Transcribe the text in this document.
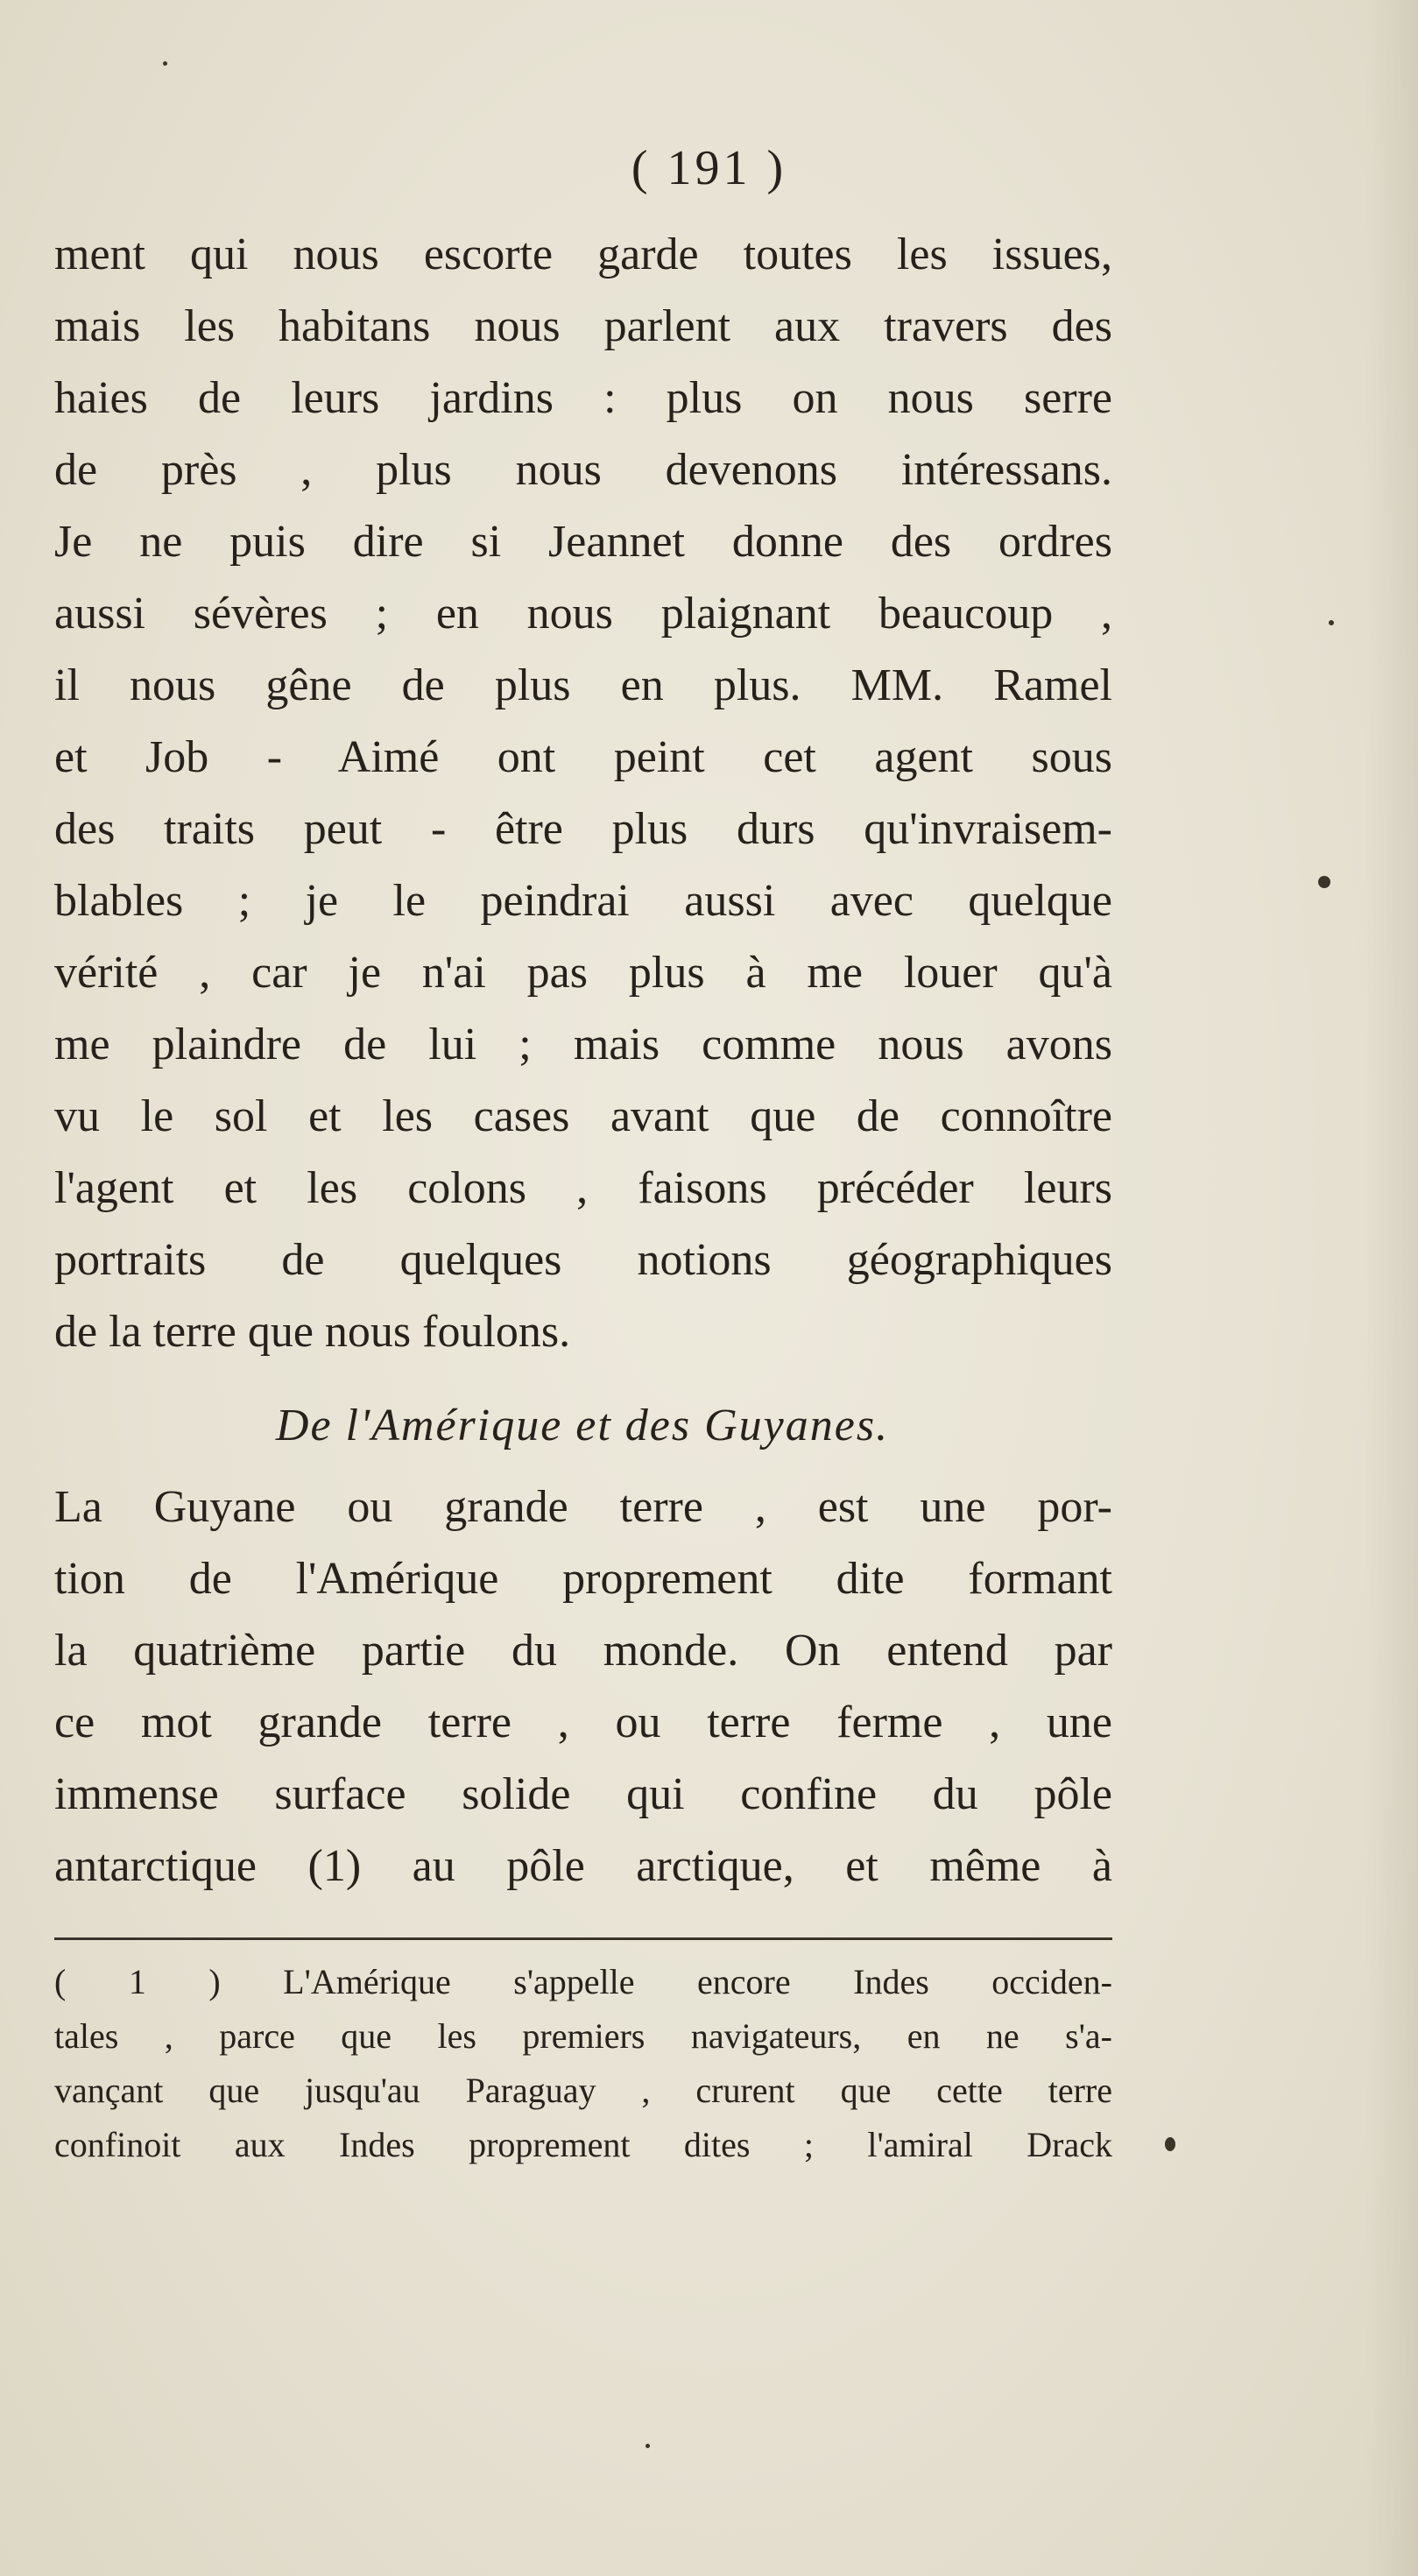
( 191 )
ment qui nous escorte garde toutes les issues,
mais les habitans nous parlent aux travers des
haies de leurs jardins : plus on nous serre
de près , plus nous devenons intéressans.
Je ne puis dire si Jeannet donne des ordres
aussi sévères ; en nous plaignant beaucoup ,
il nous gêne de plus en plus. MM. Ramel
et Job - Aimé ont peint cet agent sous
des traits peut - être plus durs qu'invraisem-
blables ; je le peindrai aussi avec quelque
vérité , car je n'ai pas plus à me louer qu'à
me plaindre de lui ; mais comme nous avons
vu le sol et les cases avant que de connoître
l'agent et les colons , faisons précéder leurs
portraits de quelques notions géographiques
de la terre que nous foulons.
De l'Amérique et des Guyanes.
La Guyane ou grande terre , est une por-
tion de l'Amérique proprement dite formant
la quatrième partie du monde. On entend par
ce mot grande terre , ou terre ferme , une
immense surface solide qui confine du pôle
antarctique (1) au pôle arctique, et même à
( 1 ) L'Amérique s'appelle encore Indes occiden-
tales , parce que les premiers navigateurs, en ne s'a-
vançant que jusqu'au Paraguay , crurent que cette terre
confinoit aux Indes proprement dites ; l'amiral Drack
